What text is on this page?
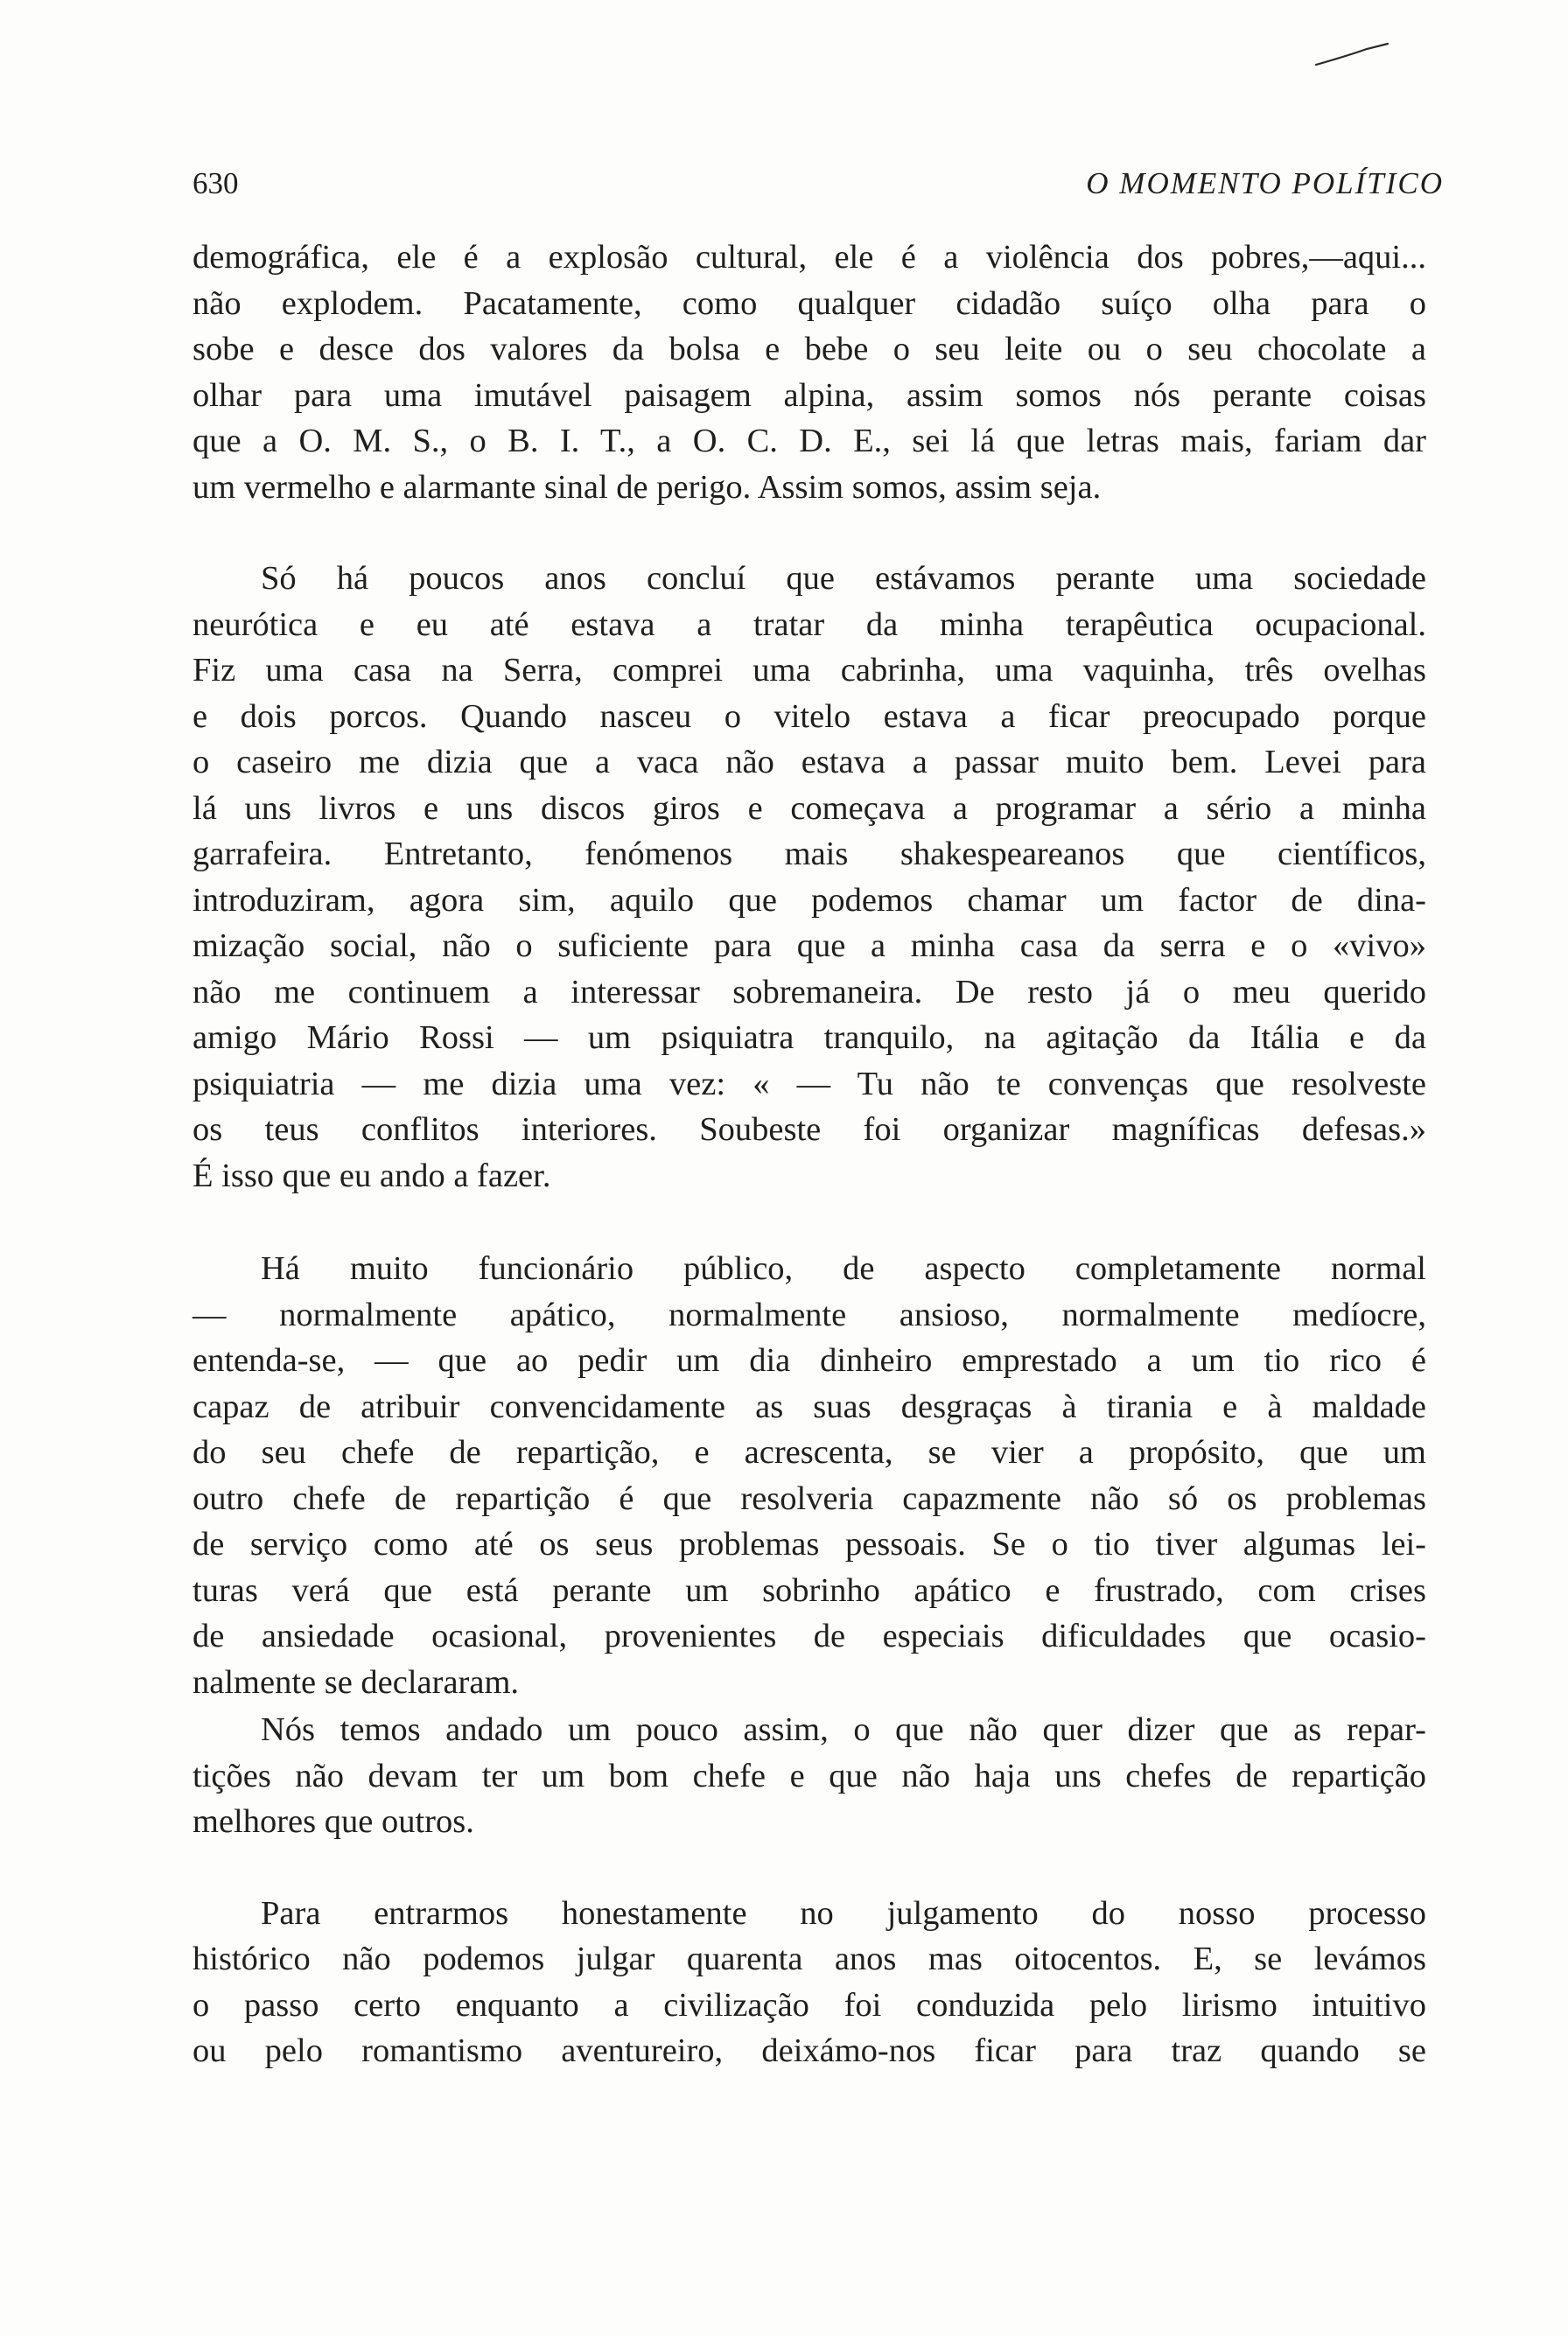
630	O MOMENTO POLÍTICO

demográfica, ele é a explosão cultural, ele é a violência dos pobres,—aqui...

não explodem. Pacatamente, como qualquer cidadão suíço olha para o

sobe e desce dos valores da bolsa e bebe o seu leite ou o seu chocolate a

olhar para uma imutável paisagem alpina, assim somos nós perante coisas

que a O. M. S., o B. I. T., a O. C. D. E., sei lá que letras mais, fariam dar

um vermelho e alarmante sinal de perigo. Assim somos, assim seja.

Só há poucos anos concluí que estávamos perante uma sociedade

neurótica e eu até estava a tratar da minha terapêutica ocupacional.

Fiz uma casa na Serra, comprei uma cabrinha, uma vaquinha, três ovelhas

e dois porcos. Quando nasceu o vitelo estava a ficar preocupado porque

o caseiro me dizia que a vaca não estava a passar muito bem. Levei para

lá uns livros e uns discos giros e começava a programar a sério a minha

garrafeira. Entretanto, fenómenos mais shakespeareanos que científicos,

introduziram, agora sim, aquilo que podemos chamar um factor de dina-

mização social, não o suficiente para que a minha casa da serra e o «vivo»

não me continuem a interessar sobremaneira. De resto já o meu querido

amigo Mário Rossi — um psiquiatra tranquilo, na agitação da Itália e da

psiquiatria — me dizia uma vez: « — Tu não te convenças que resolveste

os teus conflitos interiores. Soubeste foi organizar magníficas defesas.»

É isso que eu ando a fazer.

Há muito funcionário público, de aspecto completamente normal

— normalmente apático, normalmente ansioso, normalmente medíocre,

entenda-se, — que ao pedir um dia dinheiro emprestado a um tio rico é

capaz de atribuir convencidamente as suas desgraças à tirania e à maldade

do seu chefe de repartição, e acrescenta, se vier a propósito, que um

outro chefe de repartição é que resolveria capazmente não só os problemas

de serviço como até os seus problemas pessoais. Se o tio tiver algumas lei-

turas verá que está perante um sobrinho apático e frustrado, com crises

de ansiedade ocasional, provenientes de especiais dificuldades que ocasio-

nalmente se declararam.

Nós temos andado um pouco assim, o que não quer dizer que as repar-

tições não devam ter um bom chefe e que não haja uns chefes de repartição

melhores que outros.

Para entrarmos honestamente no julgamento do nosso processo

histórico não podemos julgar quarenta anos mas oitocentos. E, se levámos

o passo certo enquanto a civilização foi conduzida pelo lirismo intuitivo

ou pelo romantismo aventureiro, deixámo-nos ficar para traz quando se
